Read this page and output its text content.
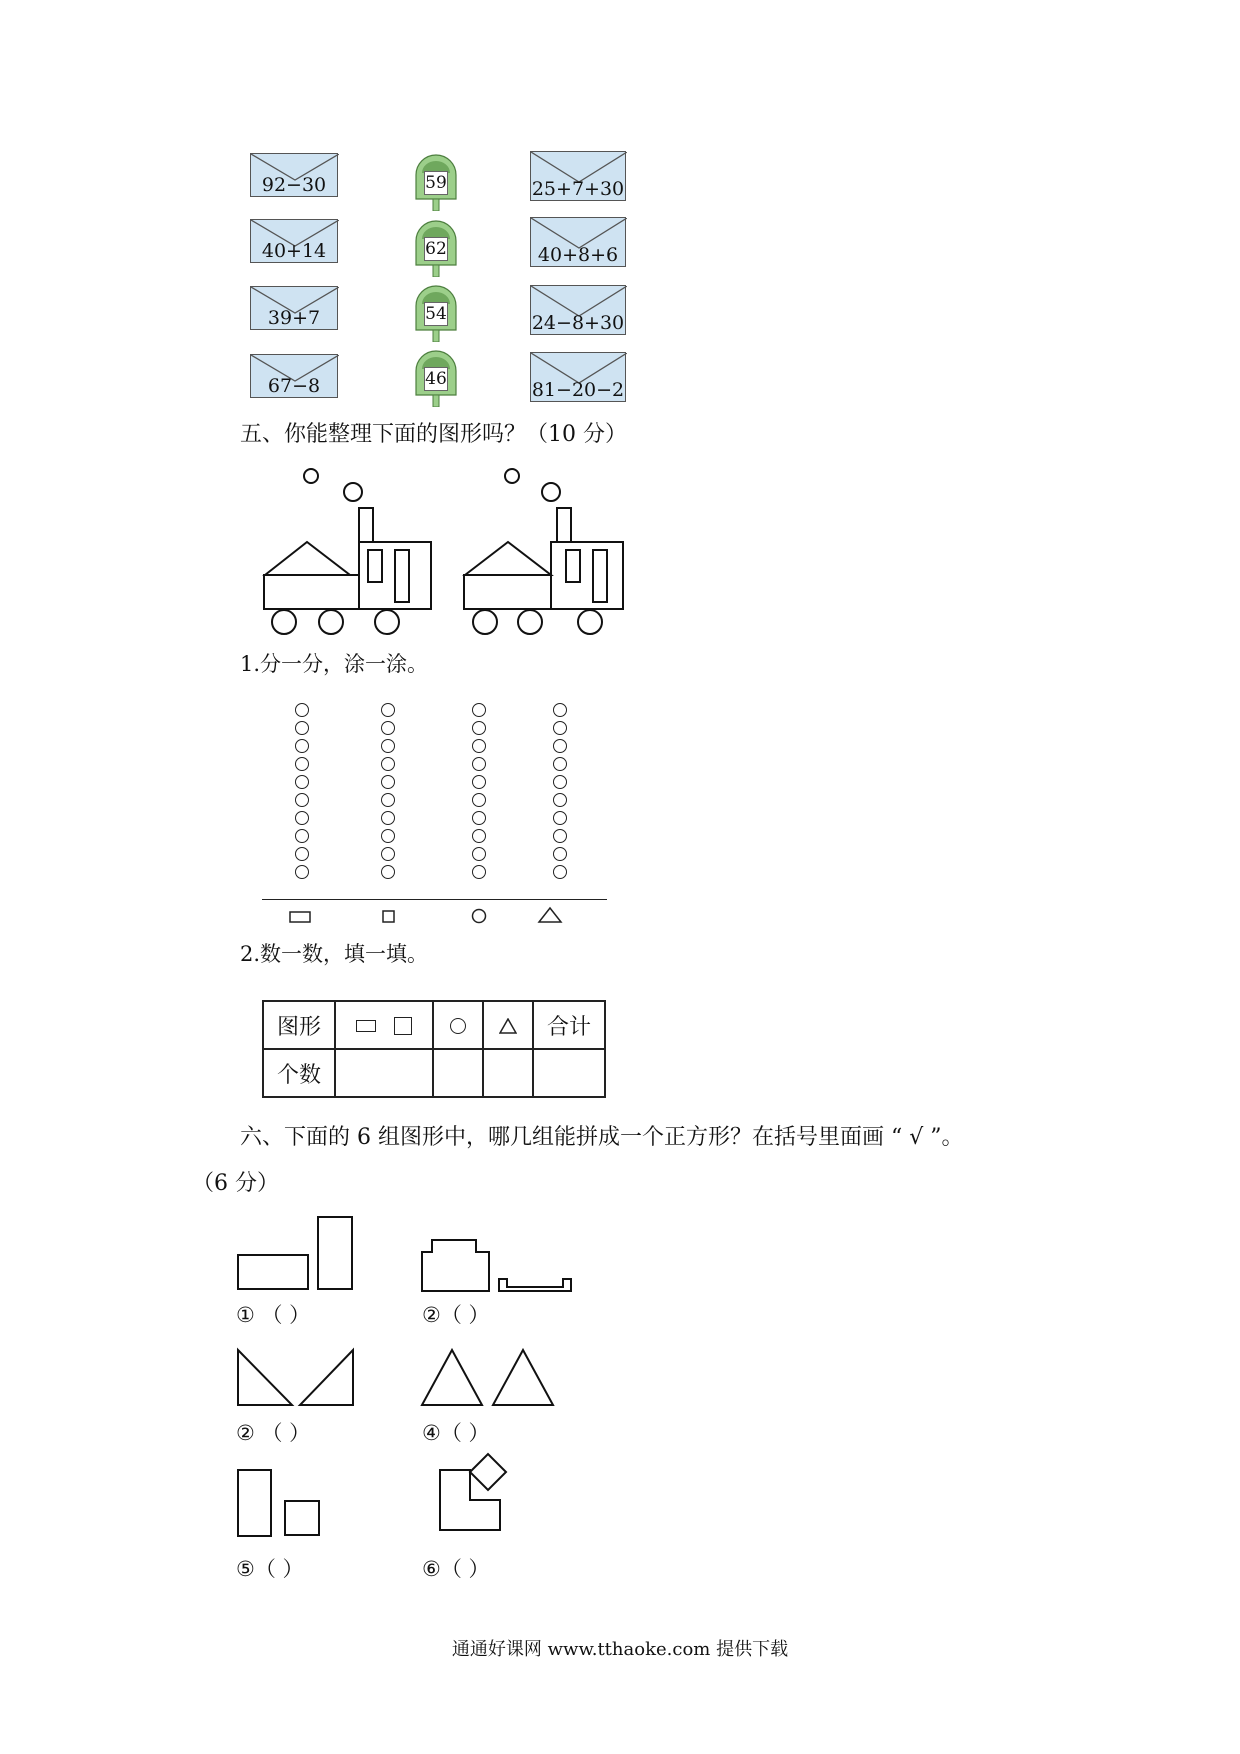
92−30
40+14
39+7
67−8
59
62
54
46
25+7+30
40+8+6
24−8+30
81−20−2
五、你能整理下面的图形吗？（10 分）
1.分一分，涂一涂。
2.数一数，填一填。
图形				合计
个数				
六、下面的 6 组图形中，哪几组能拼成一个正方形？在括号里面画 “ √ ”。
（6 分）
① （ ）	②（ ）
② （ ）	④（ ）
⑤（ ）	⑥（ ）
通通好课网 www.tthaoke.com 提供下载
